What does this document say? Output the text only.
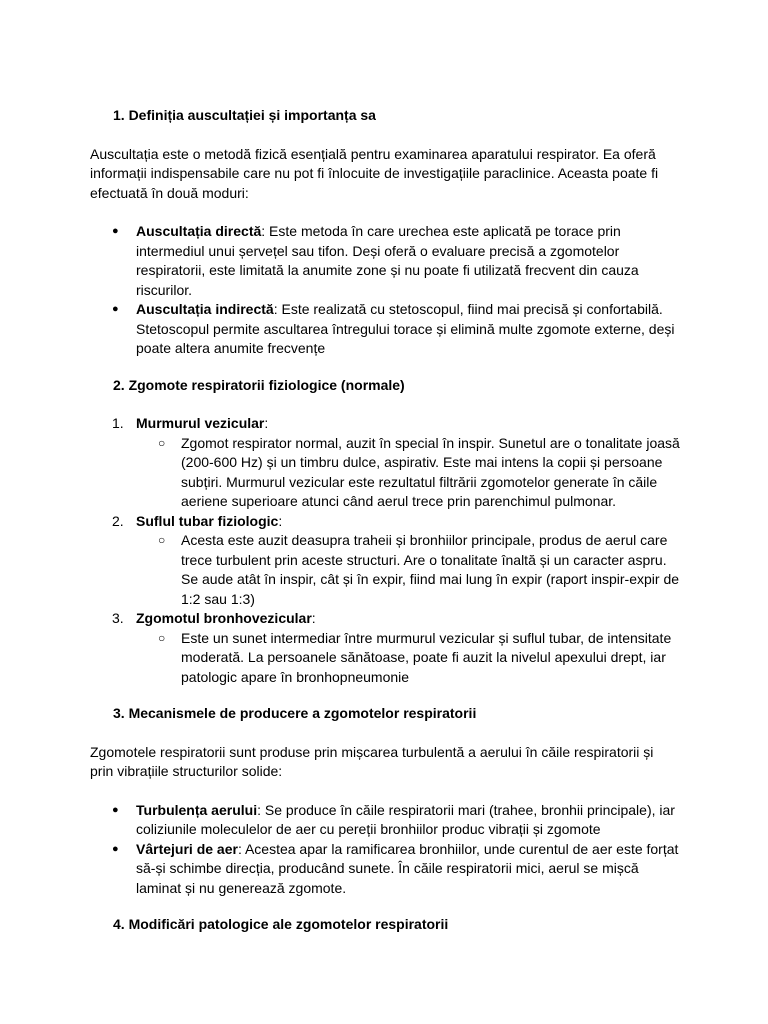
1. Definiția auscultației și importanța sa

Auscultația este o metodă fizică esențială pentru examinarea aparatului respirator. Ea oferă informații indispensabile care nu pot fi înlocuite de investigațiile paraclinice. Aceasta poate fi efectuată în două moduri:

● Auscultația directă: Este metoda în care urechea este aplicată pe torace prin intermediul unui șervețel sau tifon. Deși oferă o evaluare precisă a zgomotelor respiratorii, este limitată la anumite zone și nu poate fi utilizată frecvent din cauza riscurilor.
● Auscultația indirectă: Este realizată cu stetoscopul, fiind mai precisă și confortabilă. Stetoscopul permite ascultarea întregului torace și elimină multe zgomote externe, deși poate altera anumite frecvențe
2. Zgomote respiratorii fiziologice (normale)
1. Murmurul vezicular:
○ Zgomot respirator normal, auzit în special în inspir. Sunetul are o tonalitate joasă (200-600 Hz) și un timbru dulce, aspirativ. Este mai intens la copii și persoane subțiri. Murmurul vezicular este rezultatul filtrării zgomotelor generate în căile aeriene superioare atunci când aerul trece prin parenchimul pulmonar.
2. Suflul tubar fiziologic:
○ Acesta este auzit deasupra traheii și bronhiilor principale, produs de aerul care trece turbulent prin aceste structuri. Are o tonalitate înaltă și un caracter aspru. Se aude atât în inspir, cât și în expir, fiind mai lung în expir (raport inspir-expir de 1:2 sau 1:3)
3. Zgomotul bronhovezicular:
○ Este un sunet intermediar între murmurul vezicular și suflul tubar, de intensitate moderată. La persoanele sănătoase, poate fi auzit la nivelul apexului drept, iar patologic apare în bronhopneumonie
3. Mecanismele de producere a zgomotelor respiratorii

Zgomotele respiratorii sunt produse prin mișcarea turbulentă a aerului în căile respiratorii și prin vibrațiile structurilor solide:

● Turbulența aerului: Se produce în căile respiratorii mari (trahee, bronhii principale), iar coliziunile moleculelor de aer cu pereții bronhiilor produc vibrații și zgomote
● Vârtejuri de aer: Acestea apar la ramificarea bronhiilor, unde curentul de aer este forțat să-și schimbe direcția, producând sunete. În căile respiratorii mici, aerul se mișcă laminat și nu generează zgomote.
4. Modificări patologice ale zgomotelor respiratorii
